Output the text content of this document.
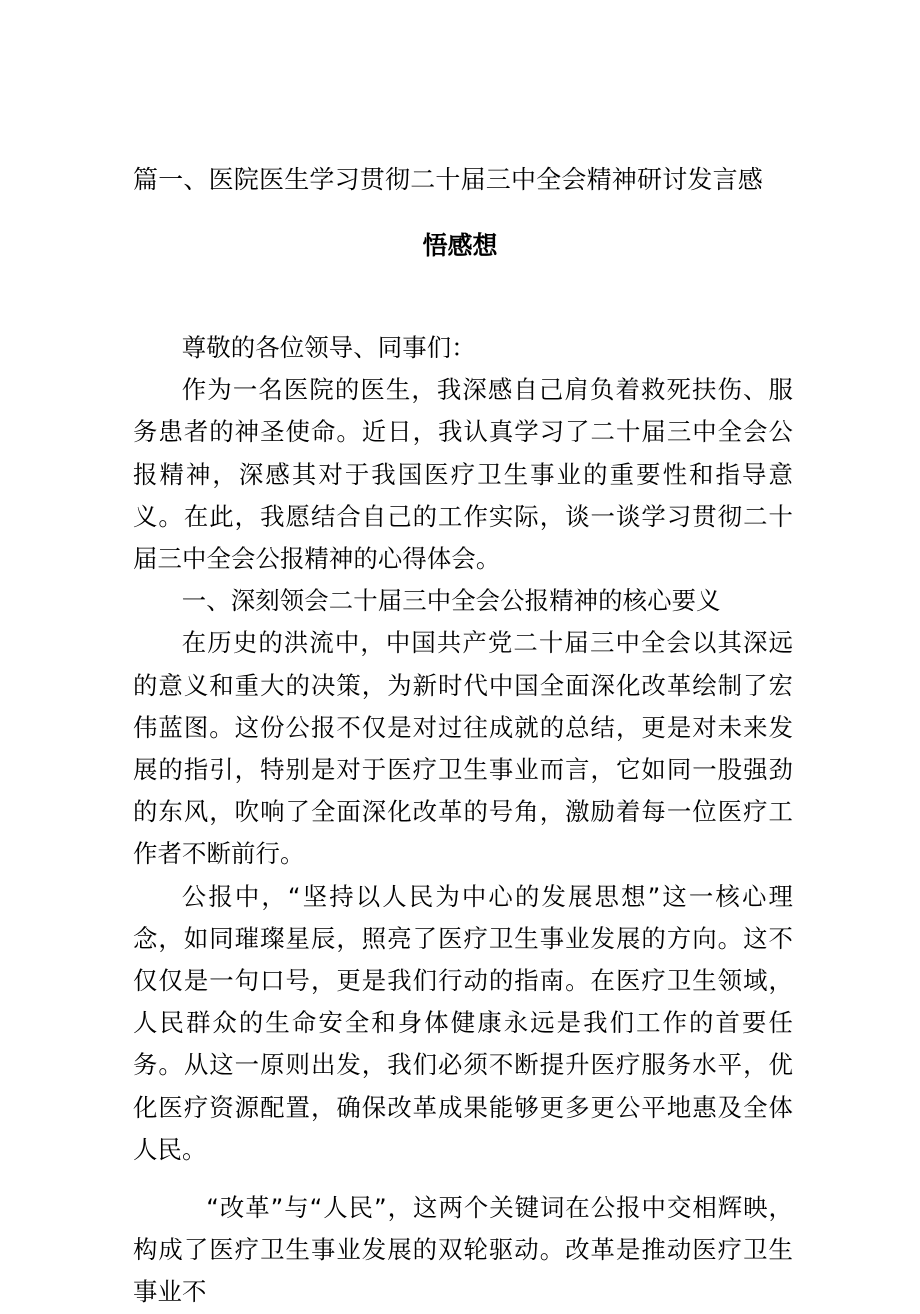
篇一、医院医生学习贯彻二十届三中全会精神研讨发言感
悟感想

尊敬的各位领导、同事们：

作为一名医院的医生，我深感自己肩负着救死扶伤、服务患者的神圣使命。近日，我认真学习了二十届三中全会公报精神，深感其对于我国医疗卫生事业的重要性和指导意义。在此，我愿结合自己的工作实际，谈一谈学习贯彻二十届三中全会公报精神的心得体会。

一、深刻领会二十届三中全会公报精神的核心要义

在历史的洪流中，中国共产党二十届三中全会以其深远的意义和重大的决策，为新时代中国全面深化改革绘制了宏伟蓝图。这份公报不仅是对过往成就的总结，更是对未来发展的指引，特别是对于医疗卫生事业而言，它如同一股强劲的东风，吹响了全面深化改革的号角，激励着每一位医疗工作者不断前行。

公报中，“坚持以人民为中心的发展思想”这一核心理念，如同璀璨星辰，照亮了医疗卫生事业发展的方向。这不仅仅是一句口号，更是我们行动的指南。在医疗卫生领域，人民群众的生命安全和身体健康永远是我们工作的首要任务。从这一原则出发，我们必须不断提升医疗服务水平，优化医疗资源配置，确保改革成果能够更多更公平地惠及全体人民。

“改革”与“人民”，这两个关键词在公报中交相辉映，构成了医疗卫生事业发展的双轮驱动。改革是推动医疗卫生事业不
